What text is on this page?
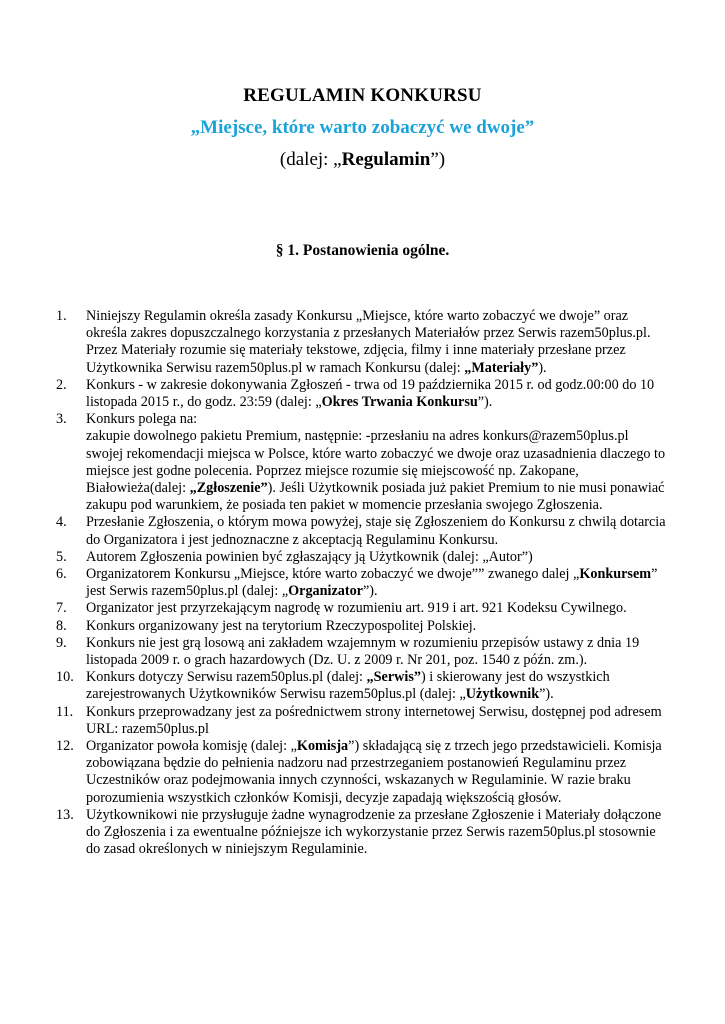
REGULAMIN KONKURSU
„Miejsce, które warto zobaczyć we dwoje”
(dalej: „Regulamin”)
§ 1. Postanowienia ogólne.
1.	Niniejszy Regulamin określa zasady Konkursu „Miejsce, które warto zobaczyć we dwoje” oraz określa zakres dopuszczalnego korzystania z przesłanych Materiałów przez Serwis razem50plus.pl. Przez Materiały rozumie się materiały tekstowe, zdjęcia, filmy i inne materiały przesłane przez Użytkownika Serwisu razem50plus.pl w ramach Konkursu (dalej: „Materiały”).
2.	Konkurs - w zakresie dokonywania Zgłoszeń - trwa od 19 października 2015 r. od godz.00:00 do 10 listopada 2015 r., do godz. 23:59 (dalej: „Okres Trwania Konkursu”).
3.	Konkurs polega na:
zakupie dowolnego pakietu Premium, następnie: -przesłaniu na adres konkurs@razem50plus.pl swojej rekomendacji miejsca w Polsce, które warto zobaczyć we dwoje oraz uzasadnienia dlaczego to miejsce jest godne polecenia. Poprzez miejsce rozumie się miejscowość np. Zakopane, Białowieża(dalej: „Zgłoszenie”). Jeśli Użytkownik posiada już pakiet Premium to nie musi ponawiać zakupu pod warunkiem, że posiada ten pakiet w momencie przesłania swojego Zgłoszenia.
4.	Przesłanie Zgłoszenia, o którym mowa powyżej, staje się Zgłoszeniem do Konkursu z chwilą dotarcia do Organizatora i jest jednoznaczne z akceptacją Regulaminu Konkursu.
5.	Autorem Zgłoszenia powinien być zgłaszający ją Użytkownik (dalej: „Autor”)
6.	Organizatorem Konkursu „Miejsce, które warto zobaczyć we dwoje”” zwanego dalej „Konkursem” jest Serwis razem50plus.pl (dalej: „Organizator”).
7.	Organizator jest przyrzekającym nagrodę w rozumieniu art. 919 i art. 921 Kodeksu Cywilnego.
8.	Konkurs organizowany jest na terytorium Rzeczypospolitej Polskiej.
9.	Konkurs nie jest grą losową ani zakładem wzajemnym w rozumieniu przepisów ustawy z dnia 19 listopada 2009 r. o grach hazardowych (Dz. U. z 2009 r. Nr 201, poz. 1540 z późn. zm.).
10. Konkurs dotyczy Serwisu razem50plus.pl (dalej: „Serwis”) i skierowany jest do wszystkich zarejestrowanych Użytkowników Serwisu razem50plus.pl (dalej: „Użytkownik”).
11. Konkurs przeprowadzany jest za pośrednictwem strony internetowej Serwisu, dostępnej pod adresem URL: razem50plus.pl
12. Organizator powoła komisję (dalej: „Komisja”) składającą się z trzech jego przedstawicieli. Komisja zobowiązana będzie do pełnienia nadzoru nad przestrzeganiem postanowień Regulaminu przez Uczestników oraz podejmowania innych czynności, wskazanych w Regulaminie. W razie braku porozumienia wszystkich członków Komisji, decyzje zapadają większością głosów.
13. Użytkownikowi nie przysługuje żadne wynagrodzenie za przesłane Zgłoszenie i Materiały dołączone do Zgłoszenia i za ewentualne późniejsze ich wykorzystanie przez Serwis razem50plus.pl stosownie do zasad określonych w niniejszym Regulaminie.
